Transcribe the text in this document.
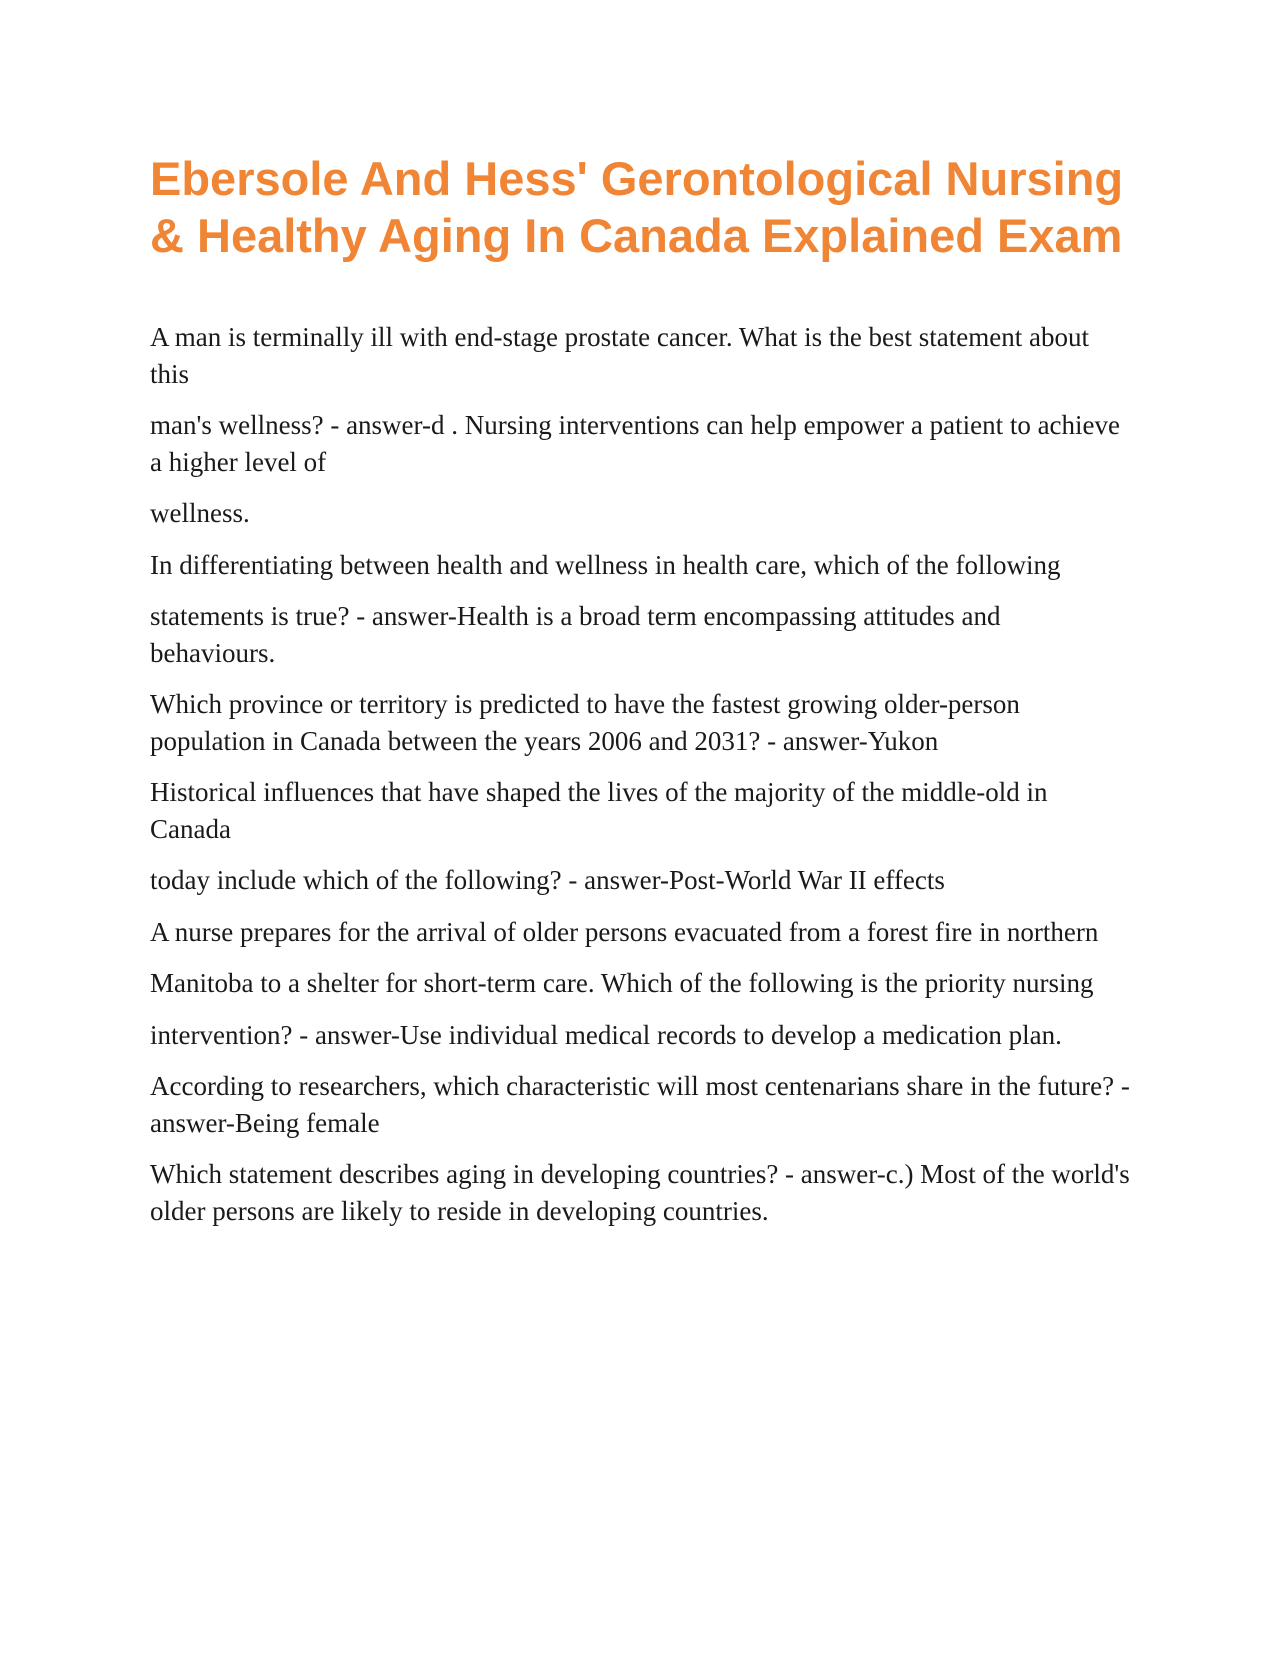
Ebersole And Hess' Gerontological Nursing & Healthy Aging In Canada Explained Exam

A man is terminally ill with end-stage prostate cancer. What is the best statement about this

man's wellness? - answer-d . Nursing interventions can help empower a patient to achieve a higher level of

wellness.

In differentiating between health and wellness in health care, which of the following

statements is true? - answer-Health is a broad term encompassing attitudes and behaviours.

Which province or territory is predicted to have the fastest growing older-person population in Canada between the years 2006 and 2031? - answer-Yukon

Historical influences that have shaped the lives of the majority of the middle-old in Canada

today include which of the following? - answer-Post-World War II effects

A nurse prepares for the arrival of older persons evacuated from a forest fire in northern

Manitoba to a shelter for short-term care. Which of the following is the priority nursing

intervention? - answer-Use individual medical records to develop a medication plan.

According to researchers, which characteristic will most centenarians share in the future? - answer-Being female

Which statement describes aging in developing countries? - answer-c.) Most of the world's older persons are likely to reside in developing countries.
